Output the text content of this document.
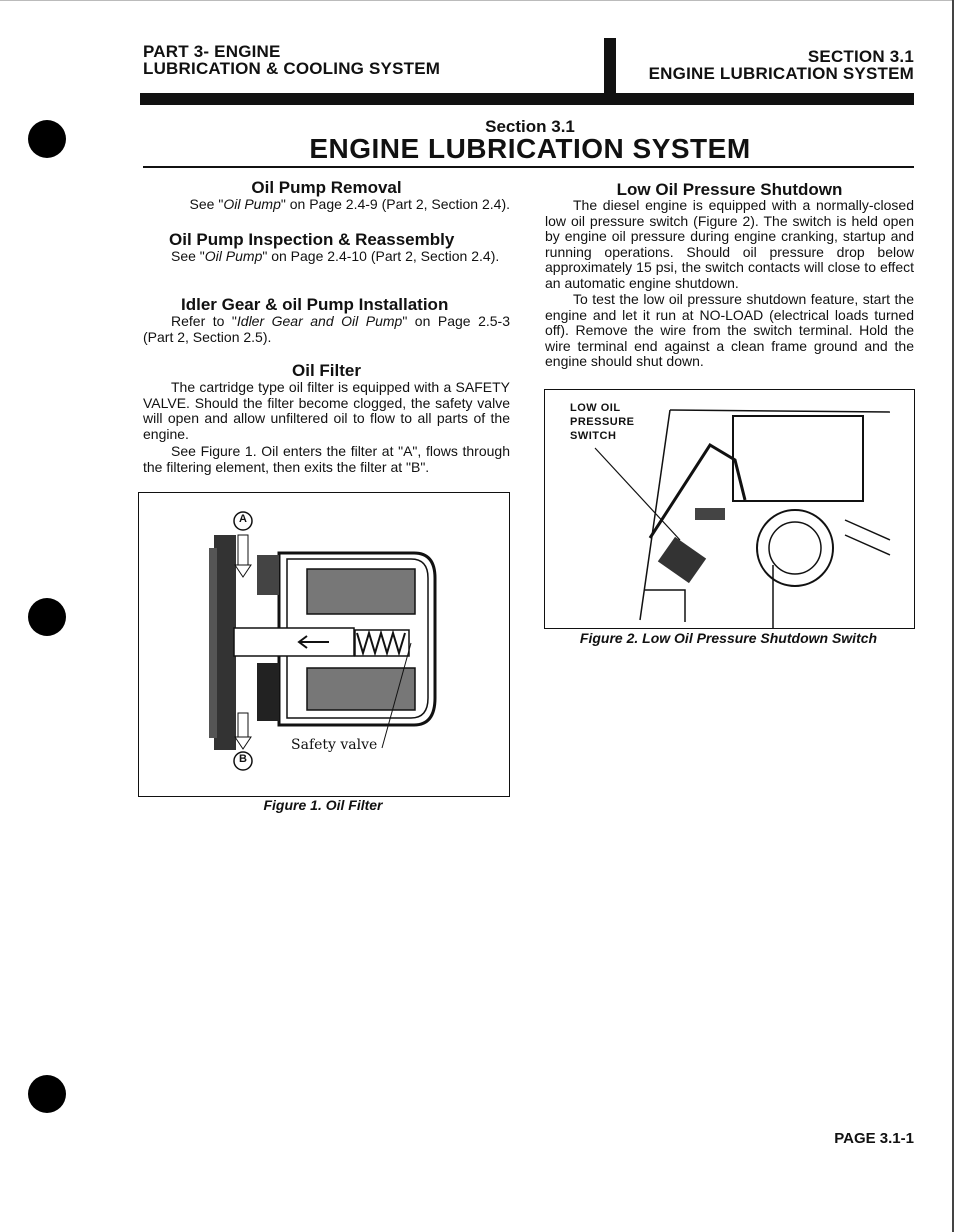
PART 3- ENGINE
LUBRICATION & COOLING SYSTEM
SECTION 3.1
ENGINE LUBRICATION SYSTEM
Section 3.1
ENGINE LUBRICATION SYSTEM
Oil Pump Removal
See "Oil Pump" on Page 2.4-9 (Part 2, Section 2.4).
Oil Pump Inspection & Reassembly
See "Oil Pump" on Page 2.4-10 (Part 2, Section 2.4).
Idler Gear & oil Pump Installation
Refer to "Idler Gear and Oil Pump" on Page 2.5-3 (Part 2, Section 2.5).
Oil Filter
The cartridge type oil filter is equipped with a SAFETY VALVE. Should the filter become clogged, the safety valve will open and allow unfiltered oil to flow to all parts of the engine.
See Figure 1. Oil enters the filter at "A", flows through the filtering element, then exits the filter at "B".
A
B
Safety valve
Figure 1. Oil Filter
Low Oil Pressure Shutdown
The diesel engine is equipped with a normally-closed low oil pressure switch (Figure 2). The switch is held open by engine oil pressure during engine cranking, startup and running operations. Should oil pressure drop below approximately 15 psi, the switch contacts will close to effect an automatic engine shutdown.
To test the low oil pressure shutdown feature, start the engine and let it run at NO-LOAD (electrical loads turned off). Remove the wire from the switch terminal. Hold the wire terminal end against a clean frame ground and the engine should shut down.
LOW OIL
PRESSURE
SWITCH
Figure 2. Low Oil Pressure Shutdown Switch
PAGE 3.1-1
